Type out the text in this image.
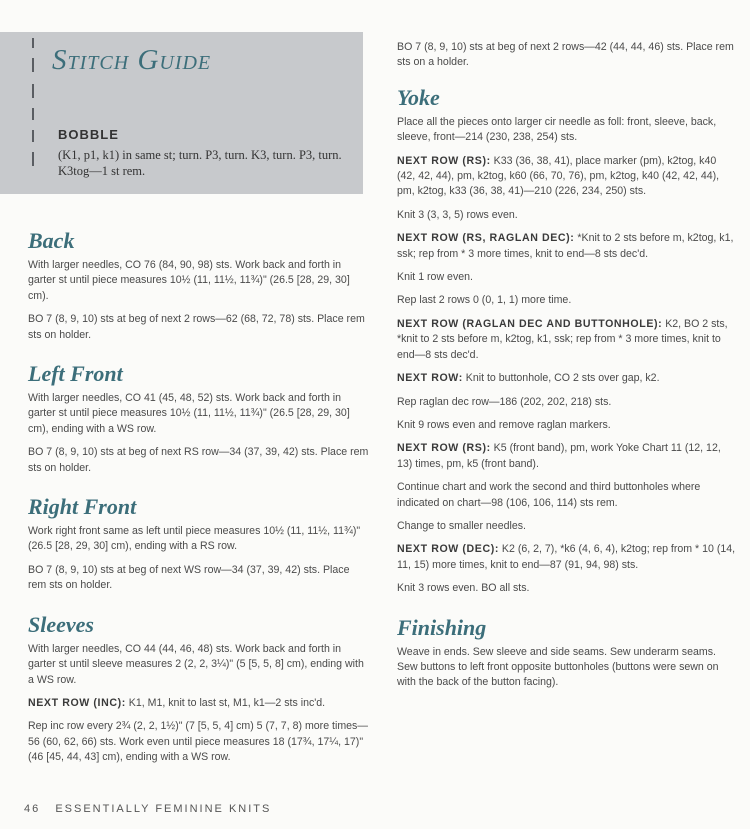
Stitch Guide
BOBBLE

(K1, p1, k1) in same st; turn. P3, turn. K3, turn. P3, turn. K3tog—1 st rem.

Back

With larger needles, CO 76 (84, 90, 98) sts. Work back and forth in garter st until piece measures 10½ (11, 11½, 11¾)" (26.5 [28, 29, 30] cm).

BO 7 (8, 9, 10) sts at beg of next 2 rows—62 (68, 72, 78) sts. Place rem sts on holder.

Left Front

With larger needles, CO 41 (45, 48, 52) sts. Work back and forth in garter st until piece measures 10½ (11, 11½, 11¾)" (26.5 [28, 29, 30] cm), ending with a WS row.

BO 7 (8, 9, 10) sts at beg of next RS row—34 (37, 39, 42) sts. Place rem sts on holder.

Right Front

Work right front same as left until piece measures 10½ (11, 11½, 11¾)" (26.5 [28, 29, 30] cm), ending with a RS row.

BO 7 (8, 9, 10) sts at beg of next WS row—34 (37, 39, 42) sts. Place rem sts on holder.

Sleeves

With larger needles, CO 44 (44, 46, 48) sts. Work back and forth in garter st until sleeve measures 2 (2, 2, 3¼)" (5 [5, 5, 8] cm), ending with a WS row.

NEXT ROW (INC): K1, M1, knit to last st, M1, k1—2 sts inc'd.

Rep inc row every 2¾ (2, 2, 1½)" (7 [5, 5, 4] cm) 5 (7, 7, 8) more times—56 (60, 62, 66) sts. Work even until piece measures 18 (17¾, 17¼, 17)" (46 [45, 44, 43] cm), ending with a WS row.

BO 7 (8, 9, 10) sts at beg of next 2 rows—42 (44, 44, 46) sts. Place rem sts on a holder.

Yoke

Place all the pieces onto larger cir needle as foll: front, sleeve, back, sleeve, front—214 (230, 238, 254) sts.

NEXT ROW (RS): K33 (36, 38, 41), place marker (pm), k2tog, k40 (42, 42, 44), pm, k2tog, k60 (66, 70, 76), pm, k2tog, k40 (42, 42, 44), pm, k2tog, k33 (36, 38, 41)—210 (226, 234, 250) sts.

Knit 3 (3, 3, 5) rows even.

NEXT ROW (RS, RAGLAN DEC): *Knit to 2 sts before m, k2tog, k1, ssk; rep from * 3 more times, knit to end—8 sts dec'd.

Knit 1 row even.

Rep last 2 rows 0 (0, 1, 1) more time.

NEXT ROW (RAGLAN DEC AND BUTTONHOLE): K2, BO 2 sts, *knit to 2 sts before m, k2tog, k1, ssk; rep from * 3 more times, knit to end—8 sts dec'd.

NEXT ROW: Knit to buttonhole, CO 2 sts over gap, k2.

Rep raglan dec row—186 (202, 202, 218) sts.

Knit 9 rows even and remove raglan markers.

NEXT ROW (RS): K5 (front band), pm, work Yoke Chart 11 (12, 12, 13) times, pm, k5 (front band).

Continue chart and work the second and third buttonholes where indicated on chart—98 (106, 106, 114) sts rem.

Change to smaller needles.

NEXT ROW (DEC): K2 (6, 2, 7), *k6 (4, 6, 4), k2tog; rep from * 10 (14, 11, 15) more times, knit to end—87 (91, 94, 98) sts.

Knit 3 rows even. BO all sts.

Finishing

Weave in ends. Sew sleeve and side seams. Sew underarm seams. Sew buttons to left front opposite buttonholes (buttons were sewn on with the back of the button facing).

46 ESSENTIALLY FEMININE KNITS
